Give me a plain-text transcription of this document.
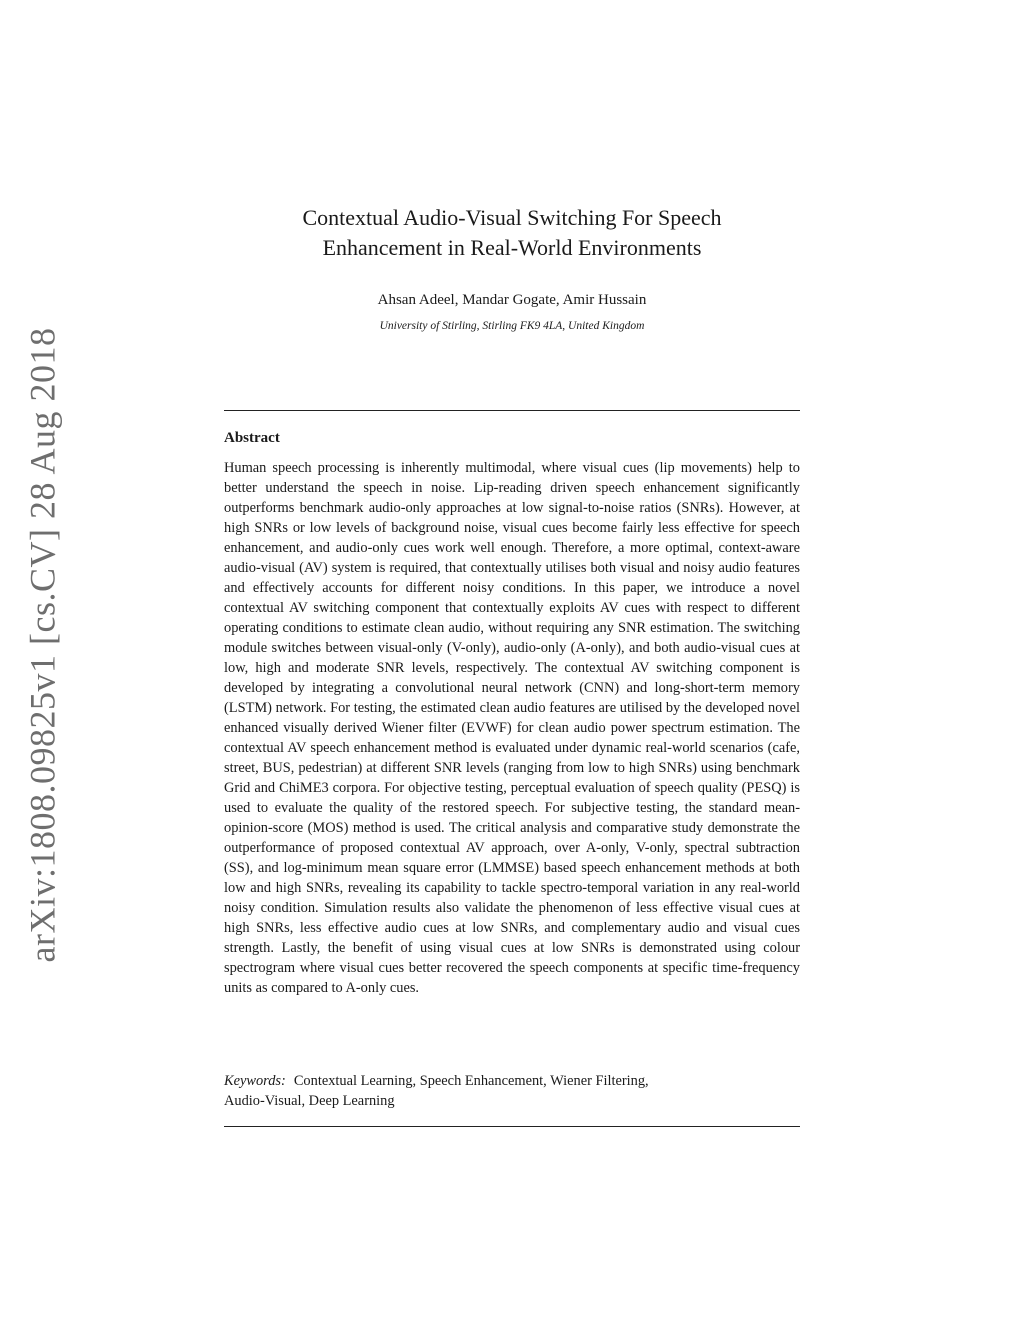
arXiv:1808.09825v1 [cs.CV] 28 Aug 2018
Contextual Audio-Visual Switching For Speech
Enhancement in Real-World Environments
Ahsan Adeel, Mandar Gogate, Amir Hussain
University of Stirling, Stirling FK9 4LA, United Kingdom
Abstract

Human speech processing is inherently multimodal, where visual cues (lip movements) help to better understand the speech in noise. Lip-reading driven speech enhancement significantly outperforms benchmark audio-only approaches at low signal-to-noise ratios (SNRs). However, at high SNRs or low levels of background noise, visual cues become fairly less effective for speech enhancement, and audio-only cues work well enough. Therefore, a more optimal, context-aware audio-visual (AV) system is required, that contextually utilises both visual and noisy audio features and effectively accounts for different noisy conditions. In this paper, we introduce a novel contextual AV switching component that contextually exploits AV cues with respect to different operating conditions to estimate clean audio, without requiring any SNR estimation. The switching module switches between visual-only (V-only), audio-only (A-only), and both audio-visual cues at low, high and moderate SNR levels, respectively. The contextual AV switching component is developed by integrating a convolutional neural network (CNN) and long-short-term memory (LSTM) network. For testing, the estimated clean audio features are utilised by the developed novel enhanced visually derived Wiener filter (EVWF) for clean audio power spectrum estimation. The contextual AV speech enhancement method is evaluated under dynamic real-world scenarios (cafe, street, BUS, pedestrian) at different SNR levels (ranging from low to high SNRs) using benchmark Grid and ChiME3 corpora. For objective testing, perceptual evaluation of speech quality (PESQ) is used to evaluate the quality of the restored speech. For subjective testing, the standard mean-opinion-score (MOS) method is used. The critical analysis and comparative study demonstrate the outperformance of proposed contextual AV approach, over A-only, V-only, spectral subtraction (SS), and log-minimum mean square error (LMMSE) based speech enhancement methods at both low and high SNRs, revealing its capability to tackle spectro-temporal variation in any real-world noisy condition. Simulation results also validate the phenomenon of less effective visual cues at high SNRs, less effective audio cues at low SNRs, and complementary audio and visual cues strength. Lastly, the benefit of using visual cues at low SNRs is demonstrated using colour spectrogram where visual cues better recovered the speech components at specific time-frequency units as compared to A-only cues.

Keywords: Contextual Learning, Speech Enhancement, Wiener Filtering,
Audio-Visual, Deep Learning
